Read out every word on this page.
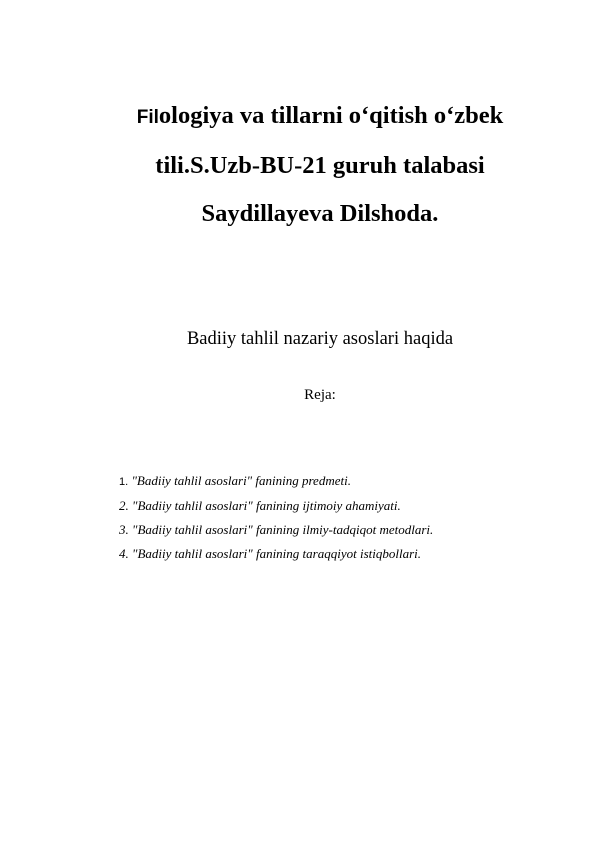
Filologiya va tillarni o‘qitish o‘zbek
tili.S.Uzb-BU-21 guruh talabasi
Saydillayeva Dilshoda.
Badiiy tahlil nazariy asoslari haqida
Reja:
1. "Badiiy tahlil asoslari" fanining predmeti.
2. "Badiiy tahlil asoslari" fanining ijtimoiy ahamiyati.
3. "Badiiy tahlil asoslari" fanining ilmiy-tadqiqot metodlari.
4. "Badiiy tahlil asoslari" fanining taraqqiyot istiqbollari.
